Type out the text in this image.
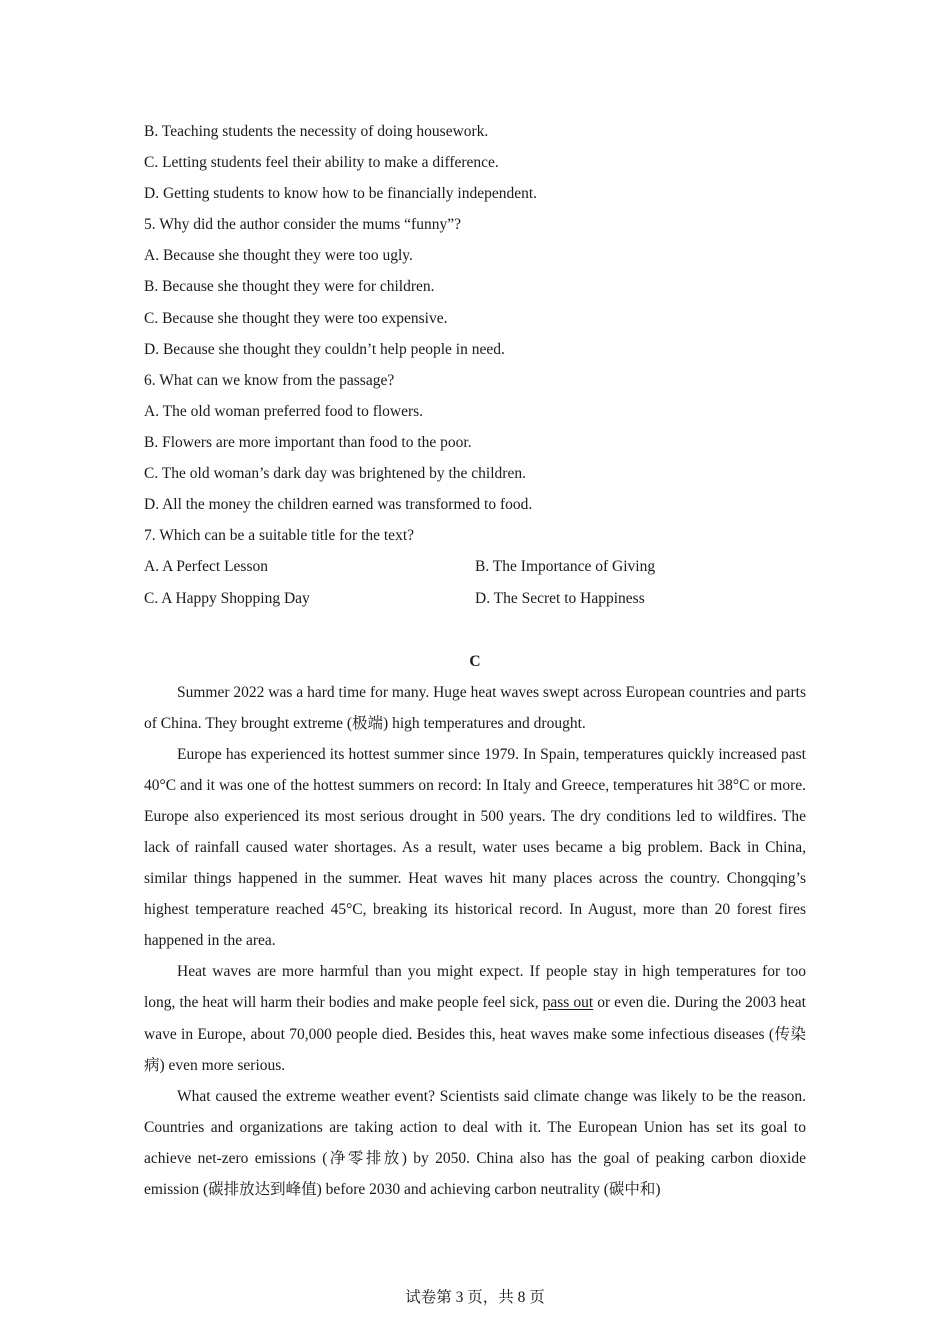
B. Teaching students the necessity of doing housework.
C. Letting students feel their ability to make a difference.
D. Getting students to know how to be financially independent.
5. Why did the author consider the mums “funny”?
A. Because she thought they were too ugly.
B. Because she thought they were for children.
C. Because she thought they were too expensive.
D. Because she thought they couldn’t help people in need.
6. What can we know from the passage?
A. The old woman preferred food to flowers.
B. Flowers are more important than food to the poor.
C. The old woman’s dark day was brightened by the children.
D. All the money the children earned was transformed to food.
7. Which can be a suitable title for the text?
A. A Perfect Lesson	B. The Importance of Giving
C. A Happy Shopping Day	D. The Secret to Happiness
C

Summer 2022 was a hard time for many. Huge heat waves swept across European countries and parts of China. They brought extreme (极端) high temperatures and drought.

Europe has experienced its hottest summer since 1979. In Spain, temperatures quickly increased past 40°C and it was one of the hottest summers on record: In Italy and Greece, temperatures hit 38°C or more. Europe also experienced its most serious drought in 500 years. The dry conditions led to wildfires. The lack of rainfall caused water shortages. As a result, water uses became a big problem. Back in China, similar things happened in the summer. Heat waves hit many places across the country. Chongqing’s highest temperature reached 45°C, breaking its historical record. In August, more than 20 forest fires happened in the area.

Heat waves are more harmful than you might expect. If people stay in high temperatures for too long, the heat will harm their bodies and make people feel sick, pass out or even die. During the 2003 heat wave in Europe, about 70,000 people died. Besides this, heat waves make some infectious diseases (传染病) even more serious.

What caused the extreme weather event? Scientists said climate change was likely to be the reason. Countries and organizations are taking action to deal with it. The European Union has set its goal to achieve net-zero emissions (净零排放) by 2050. China also has the goal of peaking carbon dioxide emission (碳排放达到峰值) before 2030 and achieving carbon neutrality (碳中和)

试卷第 3 页，共 8 页
